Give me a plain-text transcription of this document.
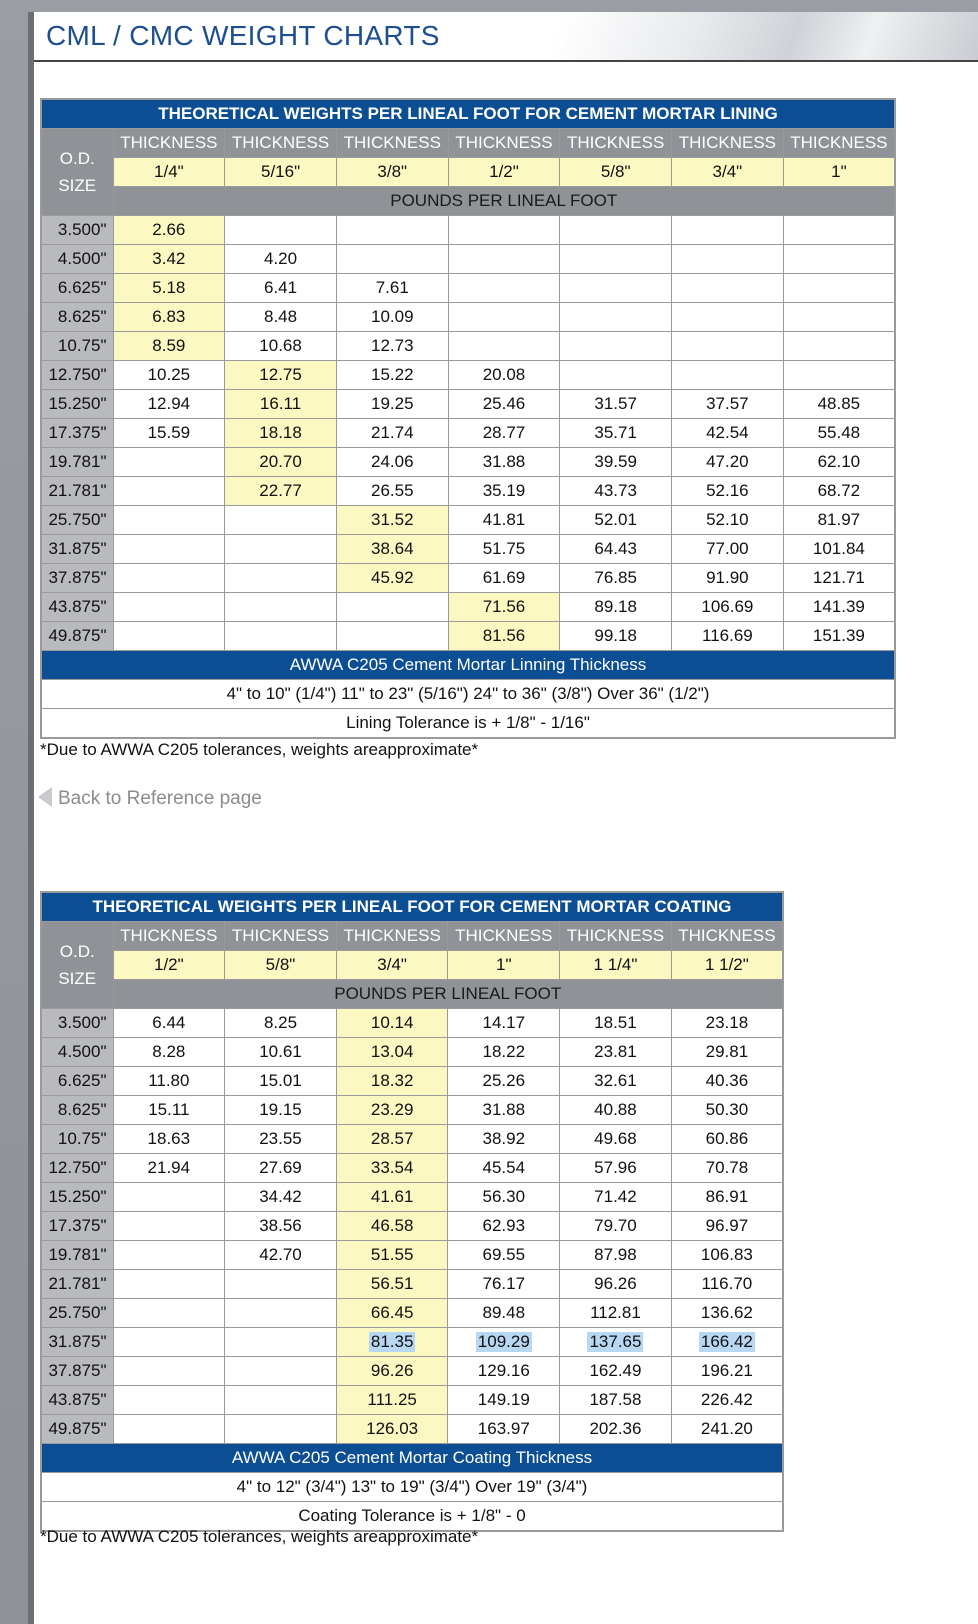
CML / CMC WEIGHT CHARTS
THEORETICAL WEIGHTS PER LINEAL FOOT FOR CEMENT MORTAR LINING							

O.D.
SIZE	THICKNESS	THICKNESS	THICKNESS	THICKNESS	THICKNESS	THICKNESS	THICKNESS
	1/4"	5/16"	3/8"	1/2"	5/8"	3/4"	1"
	POUNDS PER LINEAL FOOT						
3.500"	2.66						
4.500"	3.42	4.20					
6.625"	5.18	6.41	7.61				
8.625"	6.83	8.48	10.09				
10.75"	8.59	10.68	12.73				
12.750"	10.25	12.75	15.22	20.08			
15.250"	12.94	16.11	19.25	25.46	31.57	37.57	48.85
17.375"	15.59	18.18	21.74	28.77	35.71	42.54	55.48
19.781"		20.70	24.06	31.88	39.59	47.20	62.10
21.781"		22.77	26.55	35.19	43.73	52.16	68.72
25.750"			31.52	41.81	52.01	52.10	81.97
31.875"			38.64	51.75	64.43	77.00	101.84
37.875"			45.92	61.69	76.85	91.90	121.71
43.875"				71.56	89.18	106.69	141.39
49.875"				81.56	99.18	116.69	151.39
AWWA C205 Cement Mortar Linning Thickness							
4" to 10" (1/4") 11" to 23" (5/16") 24" to 36" (3/8") Over 36" (1/2")							
Lining Tolerance is + 1/8" - 1/16"							
*Due to AWWA C205 tolerances, weights areapproximate*
Back to Reference page
THEORETICAL WEIGHTS PER LINEAL FOOT FOR CEMENT MORTAR COATING						

O.D.
SIZE	THICKNESS	THICKNESS	THICKNESS	THICKNESS	THICKNESS	THICKNESS
	1/2"	5/8"	3/4"	1"	1 1/4"	1 1/2"
	POUNDS PER LINEAL FOOT					
3.500"	6.44	8.25	10.14	14.17	18.51	23.18
4.500"	8.28	10.61	13.04	18.22	23.81	29.81
6.625"	11.80	15.01	18.32	25.26	32.61	40.36
8.625"	15.11	19.15	23.29	31.88	40.88	50.30
10.75"	18.63	23.55	28.57	38.92	49.68	60.86
12.750"	21.94	27.69	33.54	45.54	57.96	70.78
15.250"		34.42	41.61	56.30	71.42	86.91
17.375"		38.56	46.58	62.93	79.70	96.97
19.781"		42.70	51.55	69.55	87.98	106.83
21.781"			56.51	76.17	96.26	116.70
25.750"			66.45	89.48	112.81	136.62
31.875"			81.35	109.29	137.65	166.42
37.875"			96.26	129.16	162.49	196.21
43.875"			111.25	149.19	187.58	226.42
49.875"			126.03	163.97	202.36	241.20
AWWA C205 Cement Mortar Coating Thickness						
4" to 12" (3/4") 13" to 19" (3/4") Over 19" (3/4")						
Coating Tolerance is + 1/8" - 0						
*Due to AWWA C205 tolerances, weights areapproximate*
